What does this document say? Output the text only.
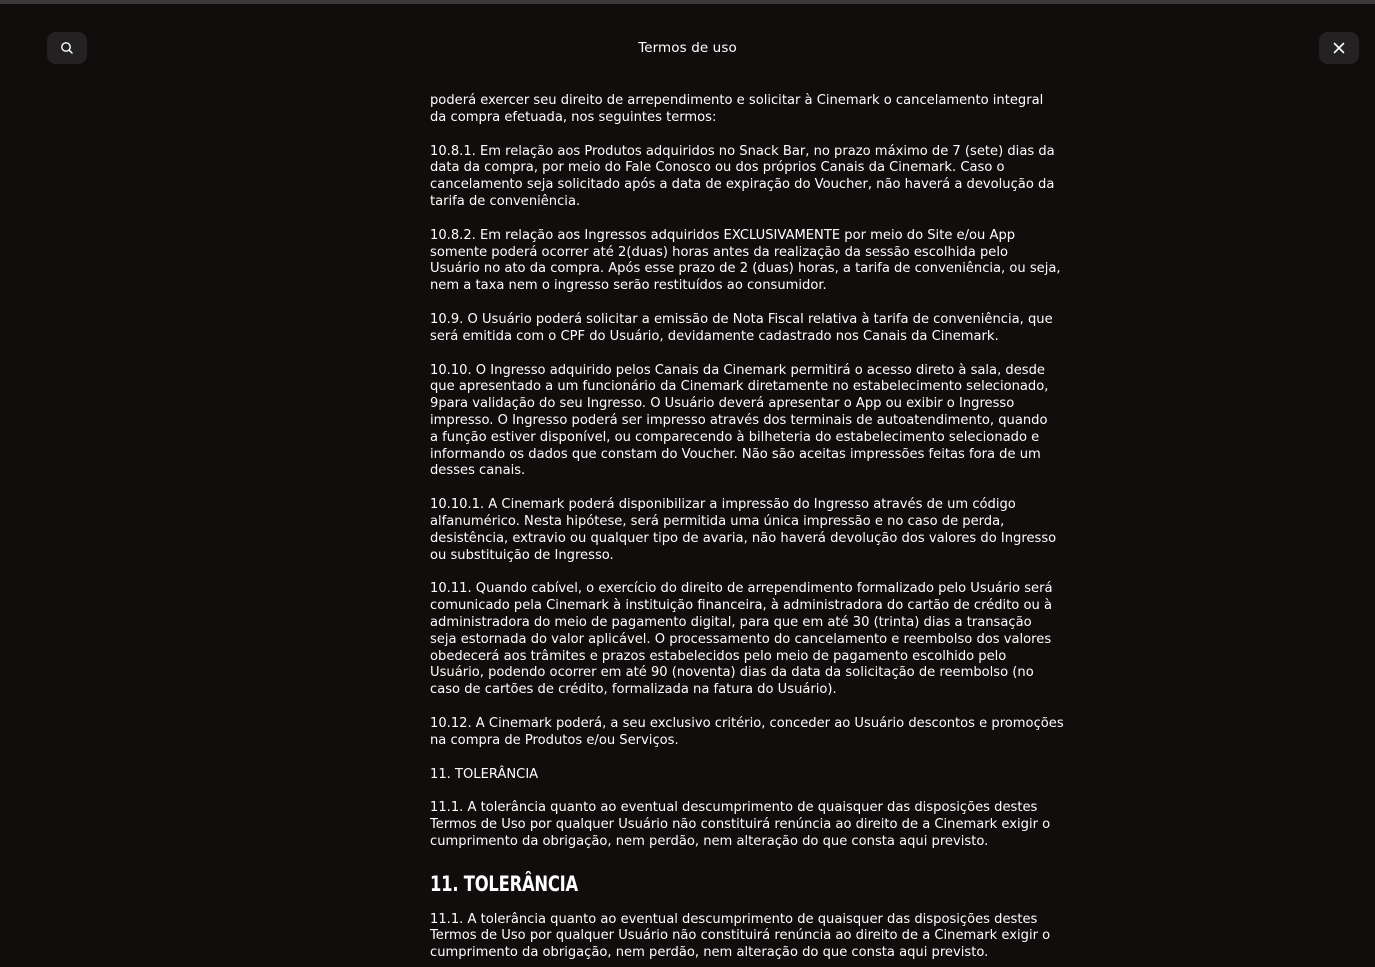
Termos de uso

poderá exercer seu direito de arrependimento e solicitar à Cinemark o cancelamento integral
da compra efetuada, nos seguintes termos:

10.8.1. Em relação aos Produtos adquiridos no Snack Bar, no prazo máximo de 7 (sete) dias da
data da compra, por meio do Fale Conosco ou dos próprios Canais da Cinemark. Caso o
cancelamento seja solicitado após a data de expiração do Voucher, não haverá a devolução da
tarifa de conveniência.

10.8.2. Em relação aos Ingressos adquiridos EXCLUSIVAMENTE por meio do Site e/ou App
somente poderá ocorrer até 2(duas) horas antes da realização da sessão escolhida pelo
Usuário no ato da compra. Após esse prazo de 2 (duas) horas, a tarifa de conveniência, ou seja,
nem a taxa nem o ingresso serão restituídos ao consumidor.

10.9. O Usuário poderá solicitar a emissão de Nota Fiscal relativa à tarifa de conveniência, que
será emitida com o CPF do Usuário, devidamente cadastrado nos Canais da Cinemark.

10.10. O Ingresso adquirido pelos Canais da Cinemark permitirá o acesso direto à sala, desde
que apresentado a um funcionário da Cinemark diretamente no estabelecimento selecionado,
9para validação do seu Ingresso. O Usuário deverá apresentar o App ou exibir o Ingresso
impresso. O Ingresso poderá ser impresso através dos terminais de autoatendimento, quando
a função estiver disponível, ou comparecendo à bilheteria do estabelecimento selecionado e
informando os dados que constam do Voucher. Não são aceitas impressões feitas fora de um
desses canais.

10.10.1. A Cinemark poderá disponibilizar a impressão do Ingresso através de um código
alfanumérico. Nesta hipótese, será permitida uma única impressão e no caso de perda,
desistência, extravio ou qualquer tipo de avaria, não haverá devolução dos valores do Ingresso
ou substituição de Ingresso.

10.11. Quando cabível, o exercício do direito de arrependimento formalizado pelo Usuário será
comunicado pela Cinemark à instituição financeira, à administradora do cartão de crédito ou à
administradora do meio de pagamento digital, para que em até 30 (trinta) dias a transação
seja estornada do valor aplicável. O processamento do cancelamento e reembolso dos valores
obedecerá aos trâmites e prazos estabelecidos pelo meio de pagamento escolhido pelo
Usuário, podendo ocorrer em até 90 (noventa) dias da data da solicitação de reembolso (no
caso de cartões de crédito, formalizada na fatura do Usuário).

10.12. A Cinemark poderá, a seu exclusivo critério, conceder ao Usuário descontos e promoções
na compra de Produtos e/ou Serviços.

11. TOLERÂNCIA

11.1. A tolerância quanto ao eventual descumprimento de quaisquer das disposições destes
Termos de Uso por qualquer Usuário não constituirá renúncia ao direito de a Cinemark exigir o
cumprimento da obrigação, nem perdão, nem alteração do que consta aqui previsto.

11. TOLERÂNCIA

11.1. A tolerância quanto ao eventual descumprimento de quaisquer das disposições destes
Termos de Uso por qualquer Usuário não constituirá renúncia ao direito de a Cinemark exigir o
cumprimento da obrigação, nem perdão, nem alteração do que consta aqui previsto.
